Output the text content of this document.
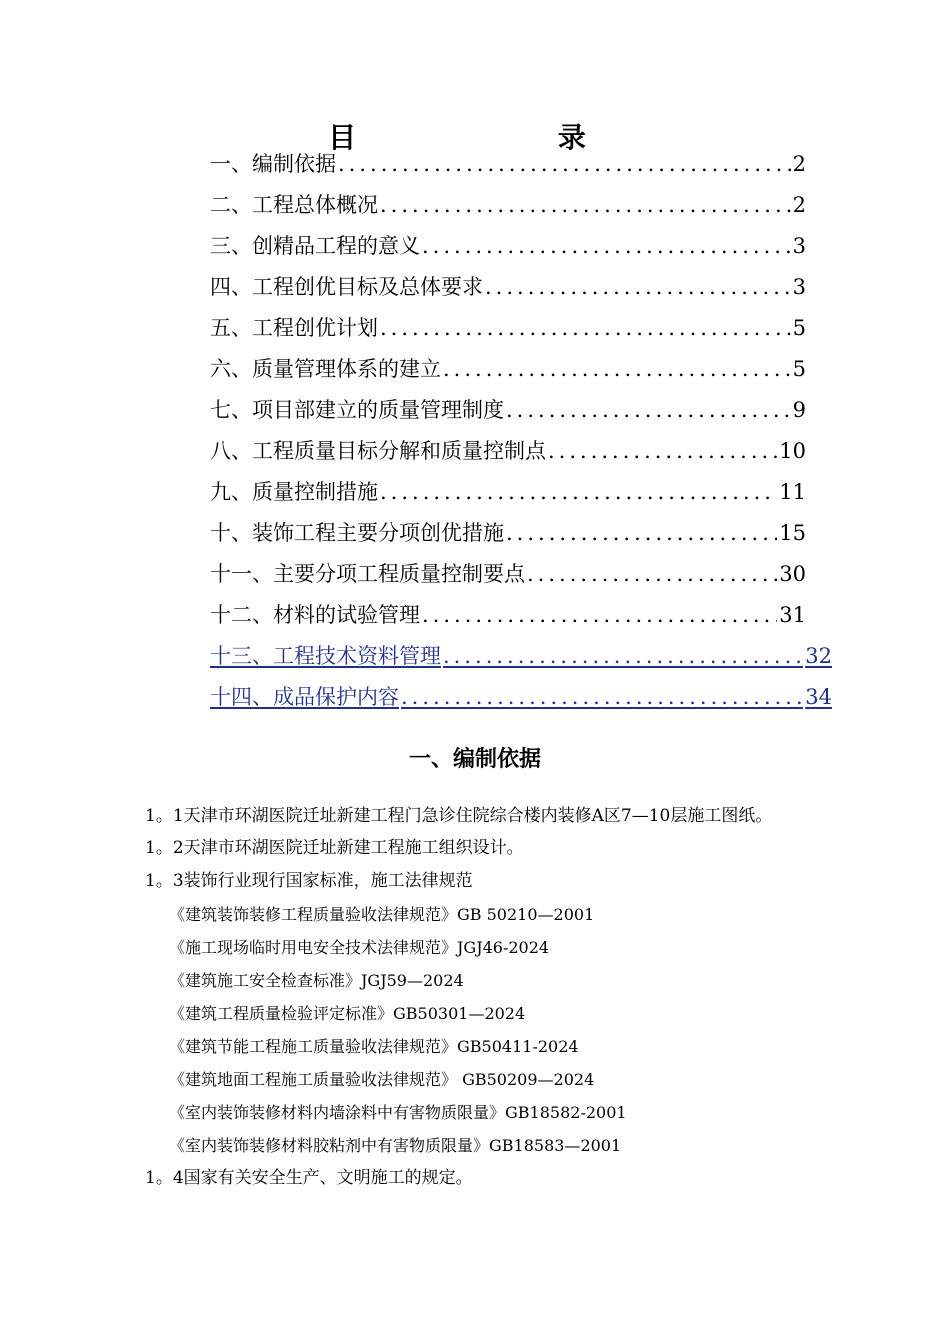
目 录
一、编制依据 .....	2
二、工程总体概况 .....	2
三、创精品工程的意义 .....	3
四、工程创优目标及总体要求 .....	3
五、工程创优计划 .....	5
六、质量管理体系的建立 .....	5
七、项目部建立的质量管理制度 .....	9
八、工程质量目标分解和质量控制点 .....	10
九、质量控制措施 .....	11
十、装饰工程主要分项创优措施 .....	15
十一、主要分项工程质量控制要点 .....	30
十二、材料的试验管理 .....	31
十三、工程技术资料管理 .....	32
十四、成品保护内容 .....	34
一、编制依据
1。1天津市环湖医院迁址新建工程门急诊住院综合楼内装修A区7—10层施工图纸。
1。2天津市环湖医院迁址新建工程施工组织设计。
1。3装饰行业现行国家标准，施工法律规范
《建筑装饰装修工程质量验收法律规范》GB 50210—2001
《施工现场临时用电安全技术法律规范》JGJ46-2024
《建筑施工安全检查标准》JGJ59—2024
《建筑工程质量检验评定标准》GB50301—2024
《建筑节能工程施工质量验收法律规范》GB50411-2024
《建筑地面工程施工质量验收法律规范》 GB50209—2024
《室内装饰装修材料内墙涂料中有害物质限量》GB18582-2001
《室内装饰装修材料胶粘剂中有害物质限量》GB18583—2001
1。4国家有关安全生产、文明施工的规定。
